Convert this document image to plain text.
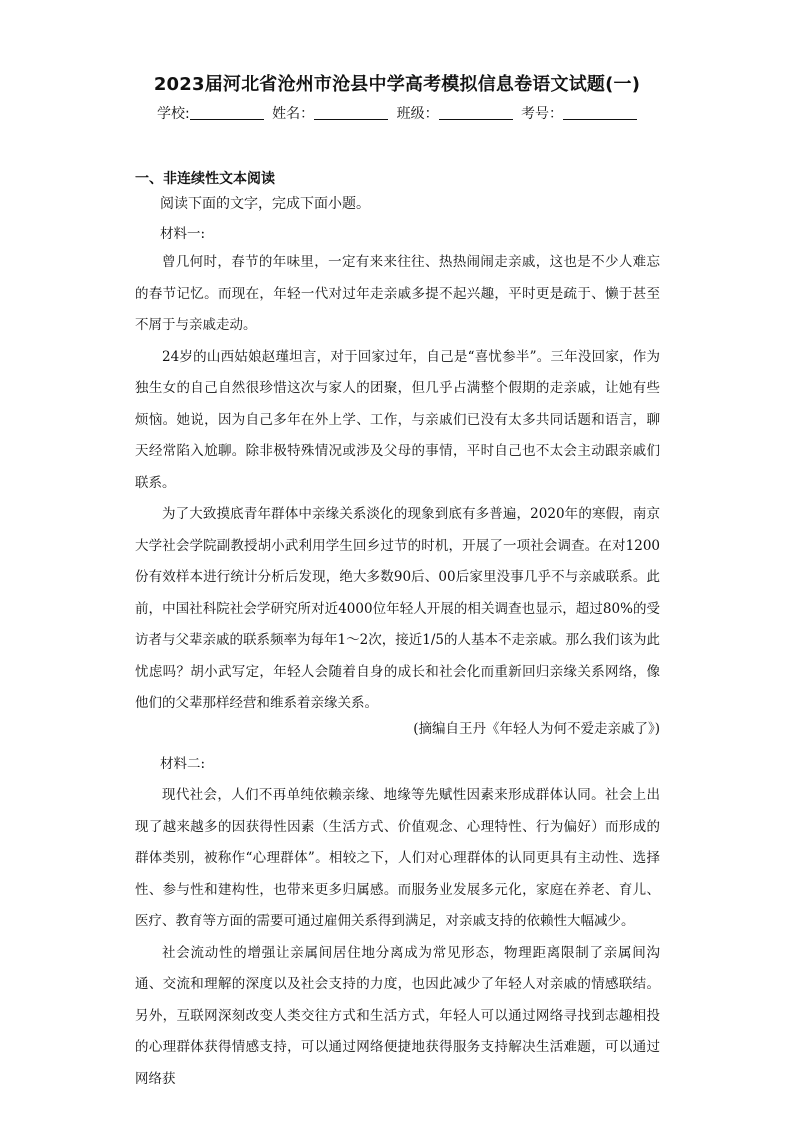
2023届河北省沧州市沧县中学高考模拟信息卷语文试题(一)
学校:	姓名：	班级：	考号：
一、非连续性文本阅读
阅读下面的文字，完成下面小题。
材料一:

曾几何时，春节的年味里，一定有来来往往、热热闹闹走亲戚，这也是不少人难忘的春节记忆。而现在，年轻一代对过年走亲戚多提不起兴趣，平时更是疏于、懒于甚至不屑于与亲戚走动。

24岁的山西姑娘赵瑾坦言，对于回家过年，自己是“喜忧参半”。三年没回家，作为独生女的自己自然很珍惜这次与家人的团聚，但几乎占满整个假期的走亲戚，让她有些烦恼。她说，因为自己多年在外上学、工作，与亲戚们已没有太多共同话题和语言，聊天经常陷入尬聊。除非极特殊情况或涉及父母的事情，平时自己也不太会主动跟亲戚们联系。

为了大致摸底青年群体中亲缘关系淡化的现象到底有多普遍，2020年的寒假，南京大学社会学院副教授胡小武利用学生回乡过节的时机，开展了一项社会调查。在对1200份有效样本进行统计分析后发现，绝大多数90后、00后家里没事几乎不与亲戚联系。此前，中国社科院社会学研究所对近4000位年轻人开展的相关调查也显示，超过80%的受访者与父辈亲戚的联系频率为每年1～2次，接近1/5的人基本不走亲戚。那么我们该为此忧虑吗？胡小武写定，年轻人会随着自身的成长和社会化而重新回归亲缘关系网络，像他们的父辈那样经营和维系着亲缘关系。

(摘编自王丹《年轻人为何不爱走亲戚了》)
材料二:

现代社会，人们不再单纯依赖亲缘、地缘等先赋性因素来形成群体认同。社会上出现了越来越多的因获得性因素（生活方式、价值观念、心理特性、行为偏好）而形成的群体类别，被称作“心理群体”。相较之下，人们对心理群体的认同更具有主动性、选择性、参与性和建构性，也带来更多归属感。而服务业发展多元化，家庭在养老、育儿、医疗、教育等方面的需要可通过雇佣关系得到满足，对亲戚支持的依赖性大幅减少。

社会流动性的增强让亲属间居住地分离成为常见形态，物理距离限制了亲属间沟通、交流和理解的深度以及社会支持的力度，也因此减少了年轻人对亲戚的情感联结。另外，互联网深刻改变人类交往方式和生活方式，年轻人可以通过网络寻找到志趣相投的心理群体获得情感支持，可以通过网络便捷地获得服务支持解决生活难题，可以通过网络获
